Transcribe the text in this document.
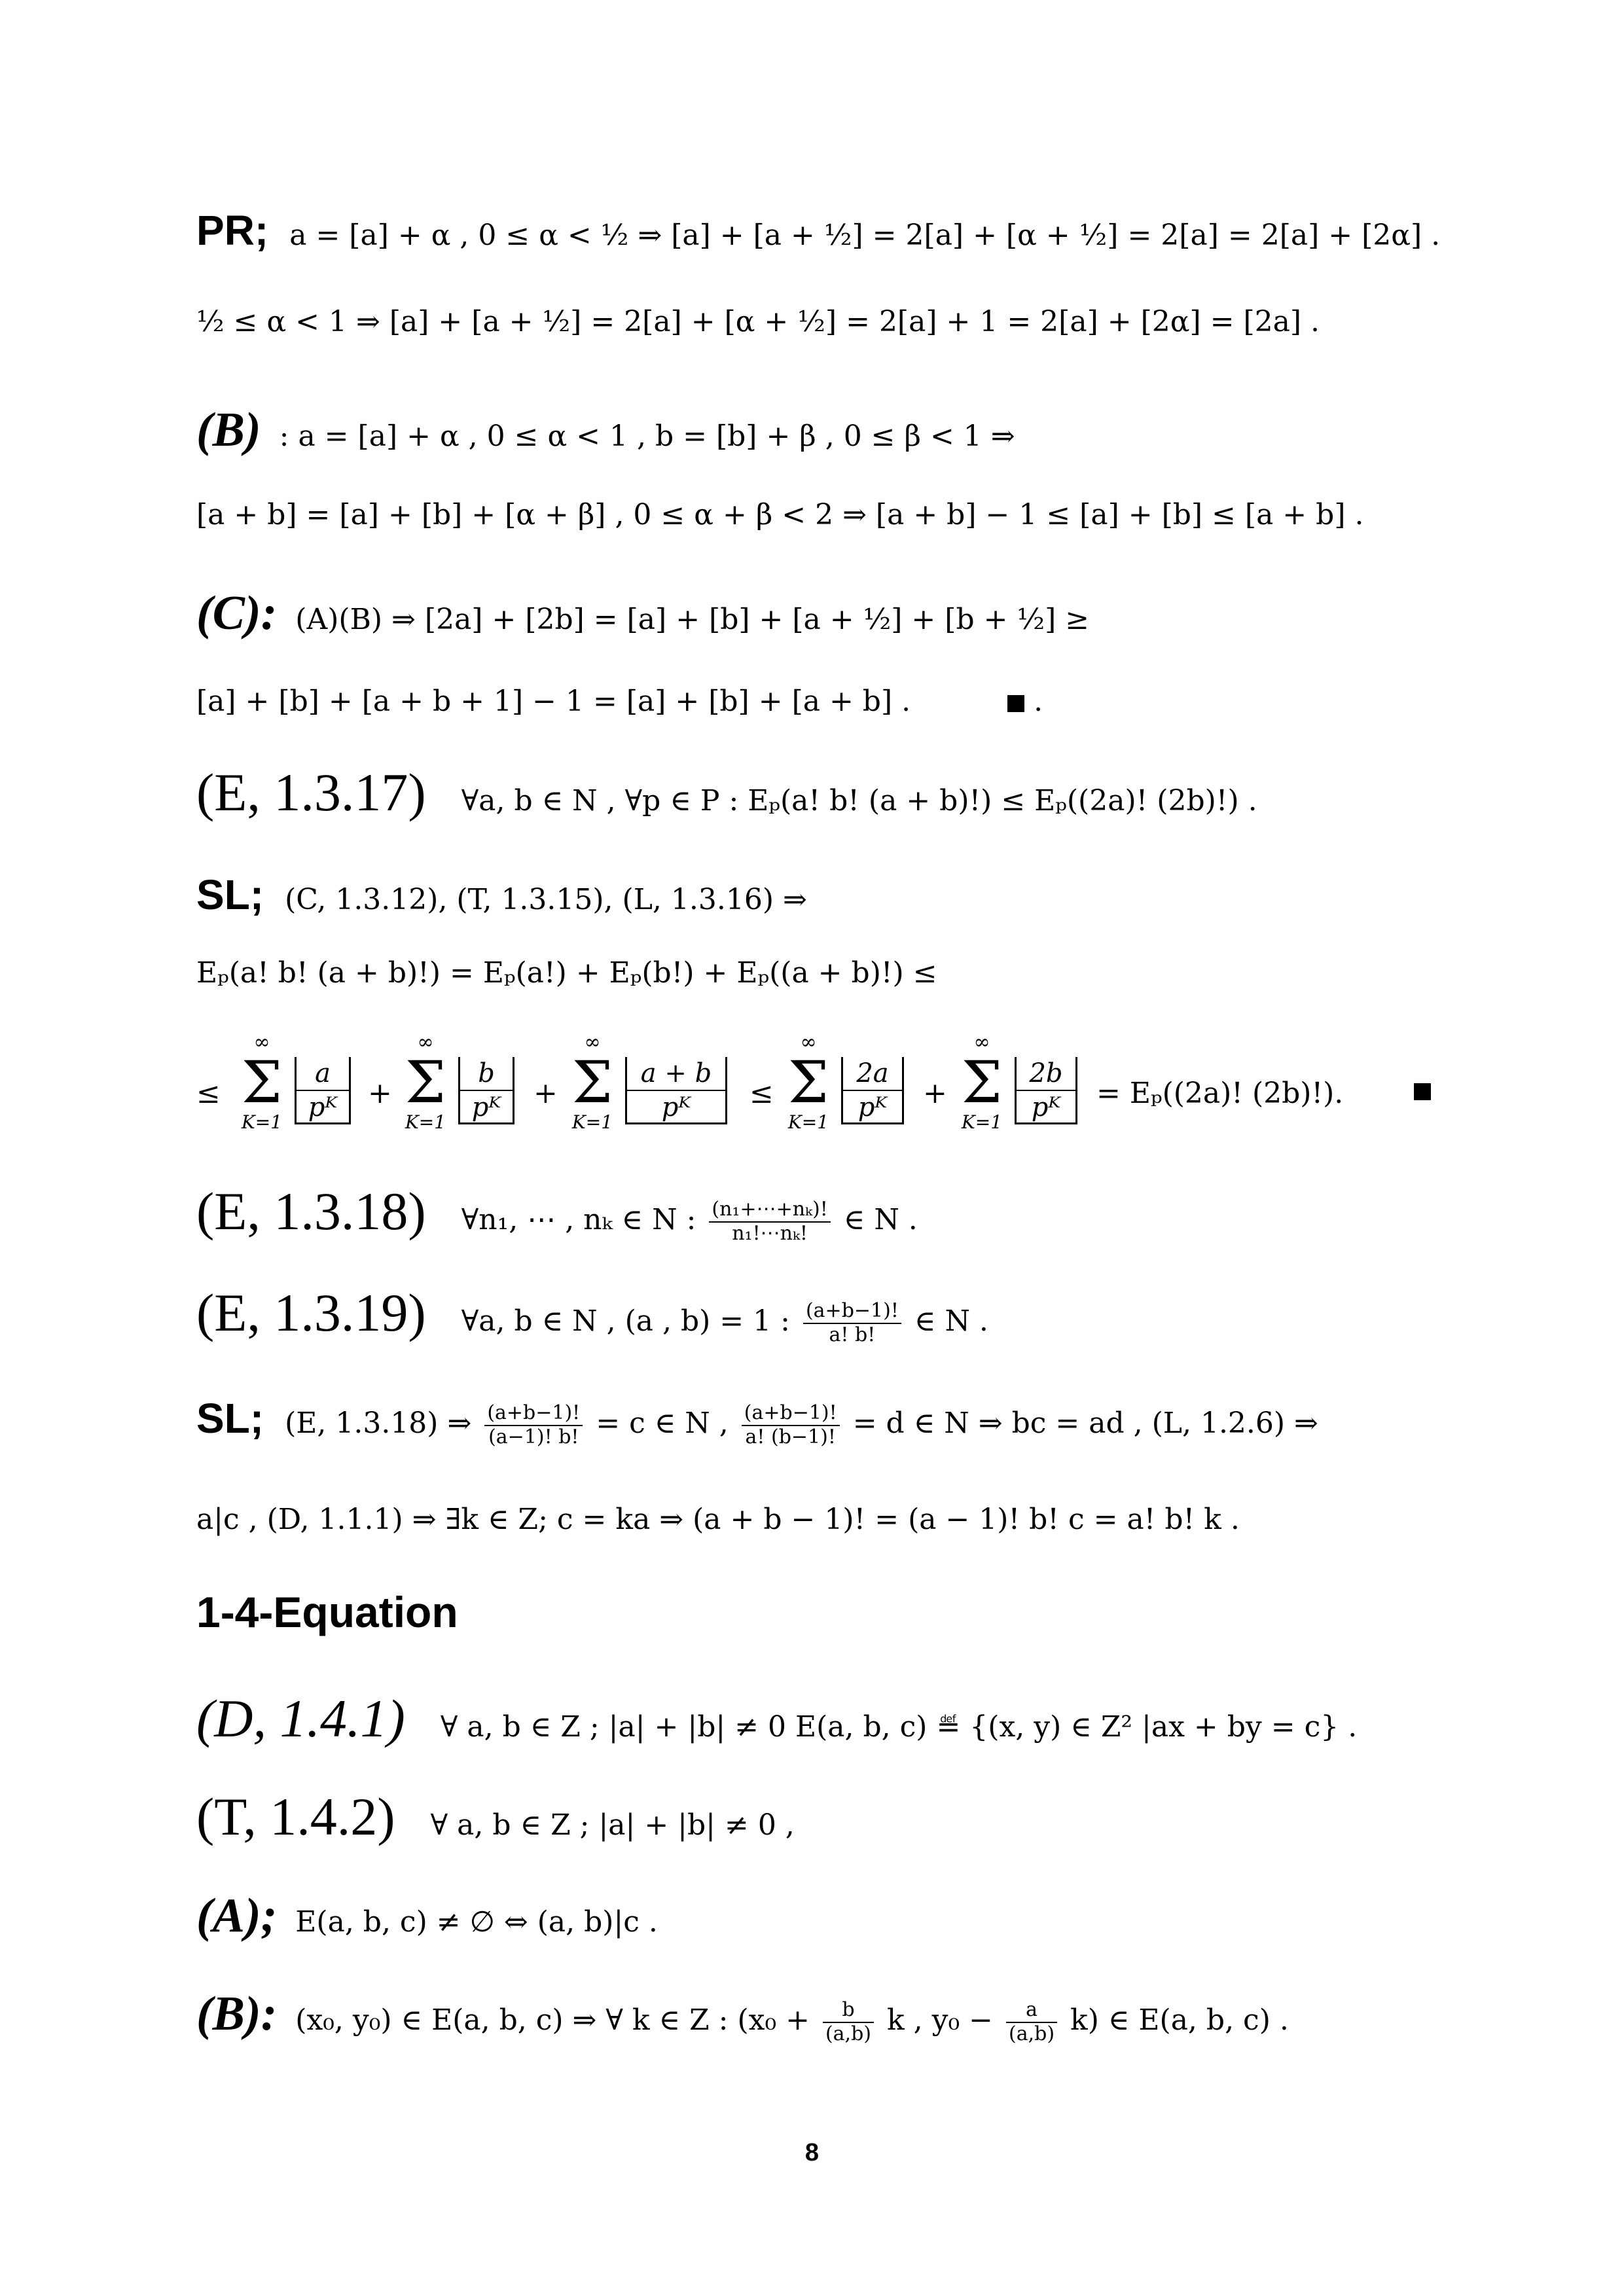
PR; a = [a] + α , 0 ≤ α < ½ ⇒ [a] + [a + ½] = 2[a] + [α + ½] = 2[a] = 2[a] + [2α] .
½ ≤ α < 1 ⇒ [a] + [a + ½] = 2[a] + [α + ½] = 2[a] + 1 = 2[a] + [2α] = [2a] .
(B) : a = [a] + α , 0 ≤ α < 1 , b = [b] + β , 0 ≤ β < 1 ⇒
[a + b] = [a] + [b] + [α + β] , 0 ≤ α + β < 2 ⇒ [a + b] − 1 ≤ [a] + [b] ≤ [a + b] .
(C): (A)(B) ⇒ [2a] + [2b] = [a] + [b] + [a + ½] + [b + ½] ≥
[a] + [b] + [a + b + 1] − 1 = [a] + [b] + [a + b] .	.
(E, 1.3.17) ∀a, b ∈ N , ∀p ∈ P : Eₚ(a! b! (a + b)!) ≤ Eₚ((2a)! (2b)!) .
SL; (C, 1.3.12), (T, 1.3.15), (L, 1.3.16) ⇒
Eₚ(a! b! (a + b)!) = Eₚ(a!) + Eₚ(b!) + Eₚ((a + b)!) ≤
≤
∞
Σ
K=1
a
pᴷ	+
∞
Σ
K=1
b
pᴷ	+
∞
Σ
K=1
a + b
pᴷ	≤
∞
Σ
K=1
2a
pᴷ	+
∞
Σ
K=1
2b
pᴷ	= Eₚ((2a)! (2b)!).
(E, 1.3.18) ∀n₁, ⋯ , nₖ ∈ N : $\frac{\text{(n₁+⋯+nₖ)!}}{\text{n₁!⋯nₖ!}}$ ∈ N .
(E, 1.3.19) ∀a, b ∈ N , (a , b) = 1 : $\frac{(a+b-1)!}{a! b!}$ ∈ N .
SL; (E, 1.3.18) ⇒ $\frac{(a+b-1)!}{(a-1)! b!} = c$ ∈ N , $\frac{(a+b-1)!}{a! (b-1)!} = d$ ∈ N ⇒ bc = ad , (L, 1.2.6) ⇒
a|c , (D, 1.1.1) ⇒ ∃k ∈ Z; c = ka ⇒ (a + b − 1)! = (a − 1)! b! c = a! b! k .
1-4-Equation
(D, 1.4.1) ∀ a, b ∈ Z ; |a| + |b| ≠ 0 E(a, b, c) ≝ {(x, y) ∈ Z² |ax + by = c} .
(T, 1.4.2) ∀ a, b ∈ Z ; |a| + |b| ≠ 0 ,
(A); E(a, b, c) ≠ ∅ ⇔ (a, b)|c .
(B): (x₀, y₀) ∈ E(a, b, c) ⇒ ∀ k ∈ Z : ($x_0 + \frac{b}{(a,b)}$ k , $y_0 - \frac{a}{(a,b)} k$) ∈ E(a, b, c) .
8
